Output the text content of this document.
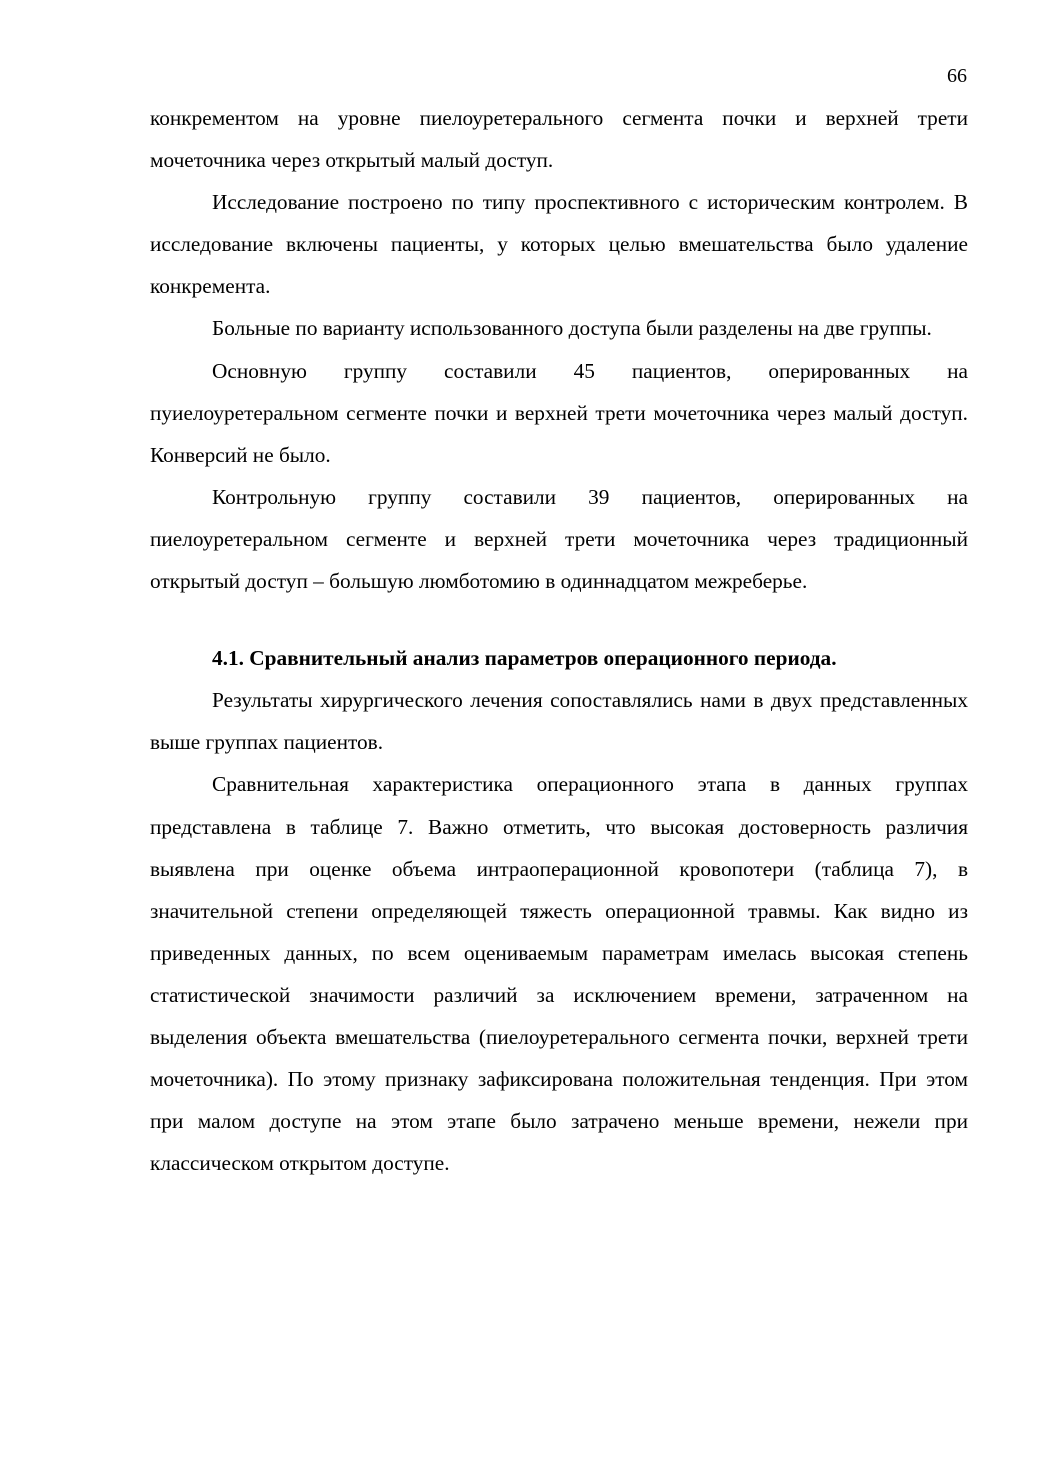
66

конкрементом на уровне пиелоуретерального сегмента почки и верхней трети мочеточника через открытый малый доступ.

Исследование построено по типу проспективного с историческим контролем. В исследование включены пациенты, у которых целью вмешательства было удаление конкремента.

Больные по варианту использованного доступа были разделены на две группы.

Основную группу составили 45 пациентов, оперированных на пуиелоуретеральном сегменте почки и верхней трети мочеточника через малый доступ. Конверсий не было.

Контрольную группу составили 39 пациентов, оперированных на пиелоуретеральном сегменте и верхней трети мочеточника через традиционный открытый доступ – большую люмботомию в одиннадцатом межреберье.

4.1. Сравнительный анализ параметров операционного периода.

Результаты хирургического лечения сопоставлялись нами в двух представленных выше группах пациентов.

Сравнительная характеристика операционного этапа в данных группах представлена в таблице 7. Важно отметить, что высокая достоверность различия выявлена при оценке объема интраоперационной кровопотери (таблица 7), в значительной степени определяющей тяжесть операционной травмы. Как видно из приведенных данных, по всем оцениваемым параметрам имелась высокая степень статистической значимости различий за исключением времени, затраченном на выделения объекта вмешательства (пиелоуретерального сегмента почки, верхней трети мочеточника). По этому признаку зафиксирована положительная тенденция. При этом при малом доступе на этом этапе было затрачено меньше времени, нежели при классическом открытом доступе.
